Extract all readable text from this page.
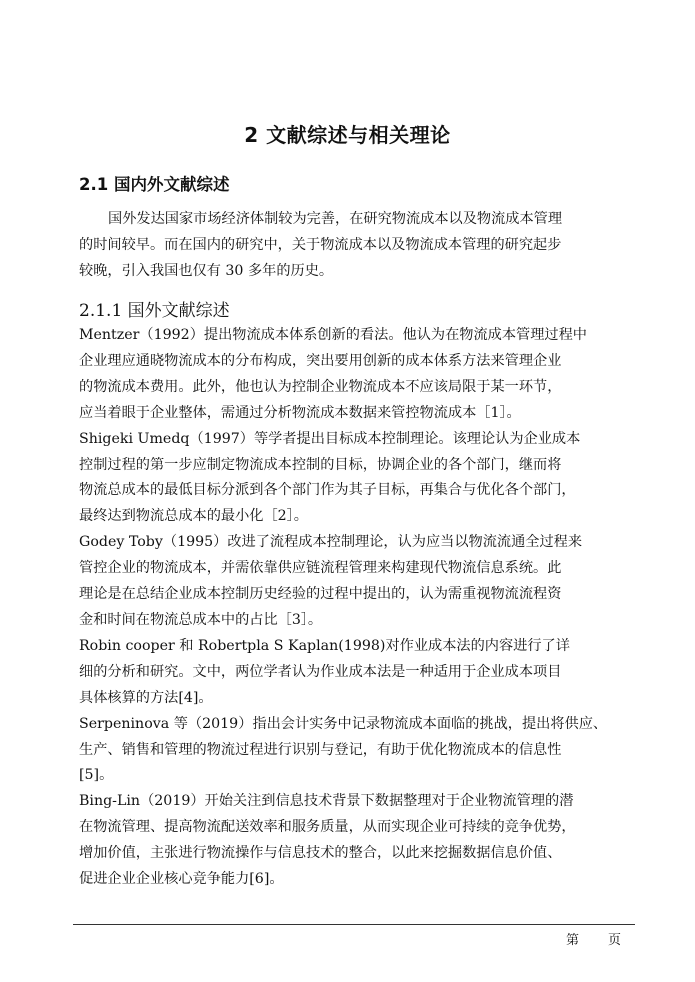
2 文献综述与相关理论
2.1 国内外文献综述
国外发达国家市场经济体制较为完善，在研究物流成本以及物流成本管理
的时间较早。而在国内的研究中，关于物流成本以及物流成本管理的研究起步
较晚，引入我国也仅有 30 多年的历史。
2.1.1 国外文献综述
Mentzer（1992）提出物流成本体系创新的看法。他认为在物流成本管理过程中
企业理应通晓物流成本的分布构成，突出要用创新的成本体系方法来管理企业
的物流成本费用。此外，他也认为控制企业物流成本不应该局限于某一环节，
应当着眼于企业整体，需通过分析物流成本数据来管控物流成本［1］。
Shigeki Umedq（1997）等学者提出目标成本控制理论。该理论认为企业成本
控制过程的第一步应制定物流成本控制的目标，协调企业的各个部门，继而将
物流总成本的最低目标分派到各个部门作为其子目标，再集合与优化各个部门，
最终达到物流总成本的最小化［2］。
Godey Toby（1995）改进了流程成本控制理论，认为应当以物流流通全过程来
管控企业的物流成本，并需依靠供应链流程管理来构建现代物流信息系统。此
理论是在总结企业成本控制历史经验的过程中提出的，认为需重视物流流程资
金和时间在物流总成本中的占比［3］。
Robin cooper 和 Robertpla S Kaplan(1998)对作业成本法的内容进行了详
细的分析和研究。文中，两位学者认为作业成本法是一种适用于企业成本项目
具体核算的方法[4]。
Serpeninova 等（2019）指出会计实务中记录物流成本面临的挑战，提出将供应、
生产、销售和管理的物流过程进行识别与登记，有助于优化物流成本的信息性
[5]。
Bing-Lin（2019）开始关注到信息技术背景下数据整理对于企业物流管理的潜
在物流管理、提高物流配送效率和服务质量，从而实现企业可持续的竞争优势，
增加价值，主张进行物流操作与信息技术的整合，以此来挖掘数据信息价值、
促进企业企业核心竞争能力[6]。
第 页
